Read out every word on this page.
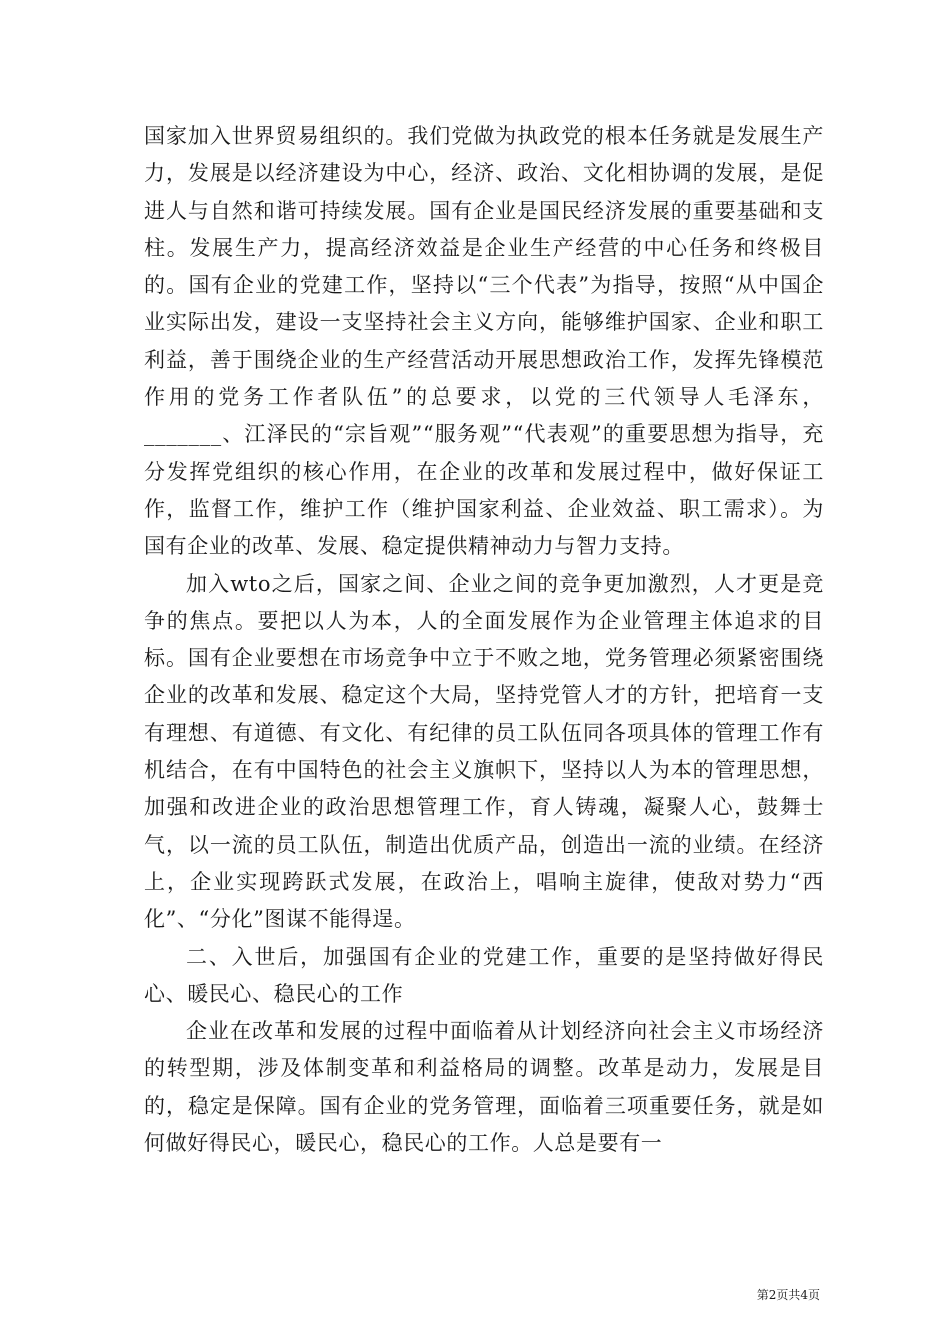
国家加入世界贸易组织的。我们党做为执政党的根本任务就是发展生产力，发展是以经济建设为中心，经济、政治、文化相协调的发展，是促进人与自然和谐可持续发展。国有企业是国民经济发展的重要基础和支柱。发展生产力，提高经济效益是企业生产经营的中心任务和终极目的。国有企业的党建工作，坚持以“三个代表”为指导，按照“从中国企业实际出发，建设一支坚持社会主义方向，能够维护国家、企业和职工利益，善于围绕企业的生产经营活动开展思想政治工作，发挥先锋模范作用的党务工作者队伍”的总要求，以党的三代领导人毛泽东，_______、江泽民的“宗旨观”“服务观”“代表观”的重要思想为指导，充分发挥党组织的核心作用，在企业的改革和发展过程中，做好保证工作，监督工作，维护工作（维护国家利益、企业效益、职工需求）。为国有企业的改革、发展、稳定提供精神动力与智力支持。

加入wto之后，国家之间、企业之间的竞争更加激烈，人才更是竞争的焦点。要把以人为本，人的全面发展作为企业管理主体追求的目标。国有企业要想在市场竞争中立于不败之地，党务管理必须紧密围绕企业的改革和发展、稳定这个大局，坚持党管人才的方针，把培育一支有理想、有道德、有文化、有纪律的员工队伍同各项具体的管理工作有机结合，在有中国特色的社会主义旗帜下，坚持以人为本的管理思想，加强和改进企业的政治思想管理工作，育人铸魂，凝聚人心，鼓舞士气，以一流的员工队伍，制造出优质产品，创造出一流的业绩。在经济上，企业实现跨跃式发展，在政治上，唱响主旋律，使敌对势力“西化”、“分化”图谋不能得逞。

二、入世后，加强国有企业的党建工作，重要的是坚持做好得民心、暖民心、稳民心的工作

企业在改革和发展的过程中面临着从计划经济向社会主义市场经济的转型期，涉及体制变革和利益格局的调整。改革是动力，发展是目的，稳定是保障。国有企业的党务管理，面临着三项重要任务，就是如何做好得民心，暖民心，稳民心的工作。人总是要有一

第2页共4页
